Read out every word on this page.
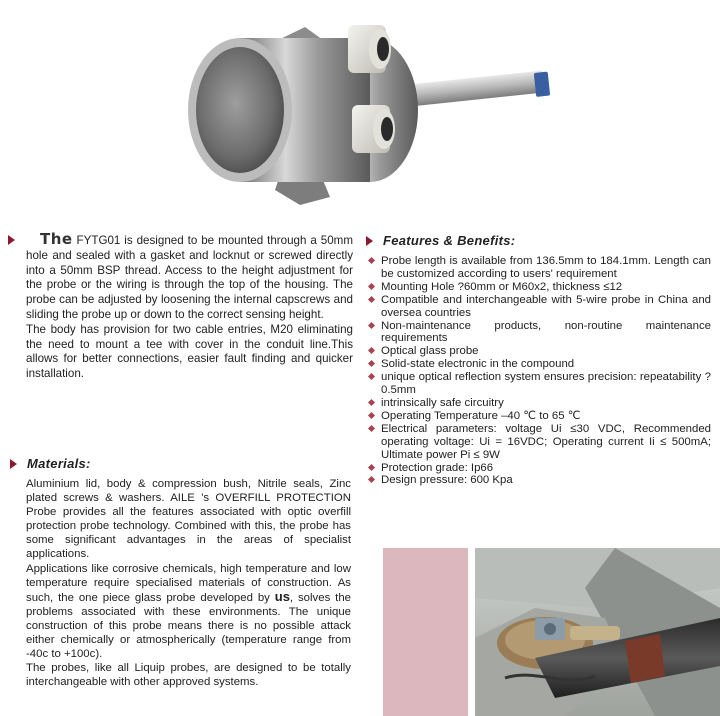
The FYTG01 is designed to be mounted through a 50mm hole and sealed with a gasket and locknut or screwed directly into a 50mm BSP thread. Access to the height adjustment for the probe or the wiring is through the top of the housing. The probe can be adjusted by loosening the internal capscrews and sliding the probe up or down to the correct sensing height.

The body has provision for two cable entries, M20 eliminating the need to mount a tee with cover in the conduit line.This allows for better connections, easier fault finding and quicker installation.

Features & Benefits:
Probe length is available from 136.5mm to 184.1mm. Length can be customized according to users' requirement
Mounting Hole ?60mm or M60x2, thickness ≤12
Compatible and interchangeable with 5-wire probe in China and oversea countries
Non-maintenance products, non-routine maintenance requirements
Optical glass probe
Solid-state electronic in the compound
unique optical reflection system ensures precision: repeatability ? 0.5mm
intrinsically safe circuitry
Operating Temperature –40 ℃ to 65 ℃
Electrical parameters: voltage Ui ≤30 VDC, Recommended operating voltage: Ui = 16VDC; Operating current Ii ≤ 500mA; Ultimate power Pi ≤ 9W
Protection grade: Ip66
Design pressure: 600 Kpa
Materials:

Aluminium lid, body & compression bush, Nitrile seals, Zinc plated screws & washers. AILE 's OVERFILL PROTECTION Probe provides all the features associated with optic overfill protection probe technology. Combined with this, the probe has some significant advantages in the areas of specialist applications.

Applications like corrosive chemicals, high temperature and low temperature require specialised materials of construction. As such, the one piece glass probe developed by us, solves the problems associated with these environments. The unique construction of this probe means there is no possible attack either chemically or atmospherically (temperature range from -40c to +100c).

The probes, like all Liquip probes, are designed to be totally interchangeable with other approved systems.
